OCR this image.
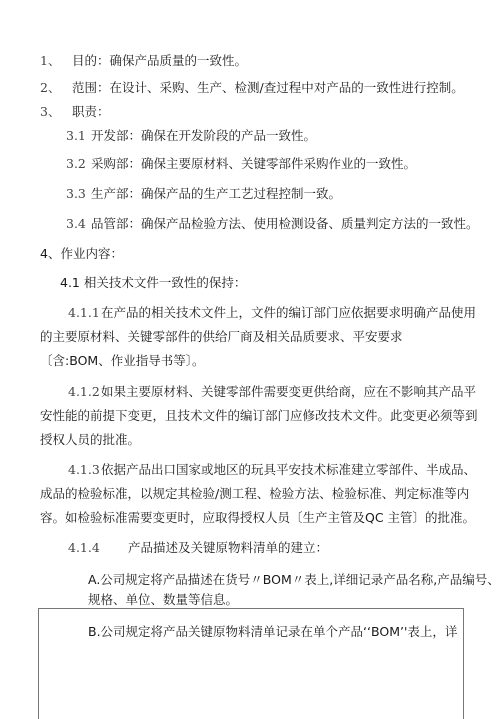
1、 目的：确保产品质量的一致性。
2、 范围：在设计、采购、生产、检测/查过程中对产品的一致性进行控制。
3、 职责：
3.1 开发部：确保在开发阶段的产品一致性。
3.2 采购部：确保主要原材料、关键零部件采购作业的一致性。
3.3 生产部：确保产品的生产工艺过程控制一致。
3.4 品管部：确保产品检验方法、使用检测设备、质量判定方法的一致性。
4、作业内容：
4.1 相关技术文件一致性的保持：
4.1.1 在产品的相关技术文件上，文件的编订部门应依据要求明确产品使用
的主要原材料、关键零部件的供给厂商及相关品质要求、平安要求
〔含:BOM、作业指导书等〕。
4.1.2 如果主要原材料、关键零部件需要变更供给商，应在不影响其产品平
安性能的前提下变更，且技术文件的编订部门应修改技术文件。此变更必须等到
授权人员的批准。
4.1.3 依据产品出口国家或地区的玩具平安技术标准建立零部件、半成品、
成品的检验标准，以规定其检验/测工程、检验方法、检验标准、判定标准等内
容。如检验标准需要变更时，应取得授权人员〔生产主管及QC 主管〕的批准。
4.1.4 产品描述及关键原物料清单的建立：
A.公司规定将产品描述在货号〃BOM〃表上,详细记录产品名称,产品编号、
规格、单位、数量等信息。
B.公司规定将产品关键原物料清单记录在单个产品‘‘BOM’'表上，详
